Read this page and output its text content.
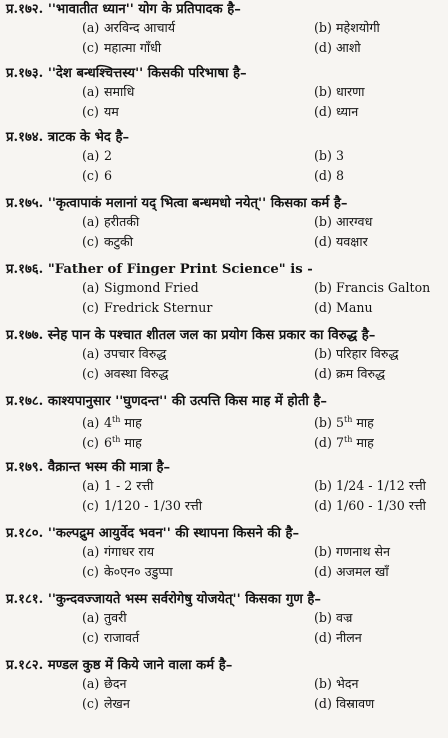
प्र.१७२. ''भावातीत ध्यान'' योग के प्रतिपादक है–
(a) अरविन्द आचार्य	(b) महेशयोगी
(c) महात्मा गाँधी	(d) आशो
प्र.१७३. ''देश बन्धश्चित्तस्य'' किसकी परिभाषा है–
(a) समाधि	(b) धारणा
(c) यम	(d) ध्यान
प्र.१७४. त्राटक के भेद है–
(a) 2	(b) 3
(c) 6	(d) 8
प्र.१७५. ''कृत्वापाकं मलानां यद् भित्वा बन्धमधो नयेत्'' किसका कर्म है–
(a) हरीतकी	(b) आरग्वध
(c) कटुकी	(d) यवक्षार
प्र.१७६. "Father of Finger Print Science" is -
(a) Sigmond Fried	(b) Francis Galton
(c) Fredrick Sternur	(d) Manu
प्र.१७७. स्नेह पान के पश्चात शीतल जल का प्रयोग किस प्रकार का विरुद्ध है–
(a) उपचार विरुद्ध	(b) परिहार विरुद्ध
(c) अवस्था विरुद्ध	(d) क्रम विरुद्ध
प्र.१७८. काश्यपानुसार ''घुणदन्त'' की उत्पत्ति किस माह में होती है–
(a) 4th माह	(b) 5th माह
(c) 6th माह	(d) 7th माह
प्र.१७९. वैक्रान्त भस्म की मात्रा है–
(a) 1 - 2 रत्ती	(b) 1/24 - 1/12 रत्ती
(c) 1/120 - 1/30 रत्ती	(d) 1/60 - 1/30 रत्ती
प्र.१८०. ''कल्पद्रुम आयुर्वेद भवन'' की स्थापना किसने की है–
(a) गंगाधर राय	(b) गणनाथ सेन
(c) के०एन० उडुप्पा	(d) अजमल खाँ
प्र.१८१. ''कुन्दवज्जायते भस्म सर्वरोगेषु योजयेत्'' किसका गुण है–
(a) तुवरी	(b) वज्र
(c) राजावर्त	(d) नीलन
प्र.१८२. मण्डल कुष्ठ में किये जाने वाला कर्म है–
(a) छेदन	(b) भेदन
(c) लेखन	(d) विस्रावण
